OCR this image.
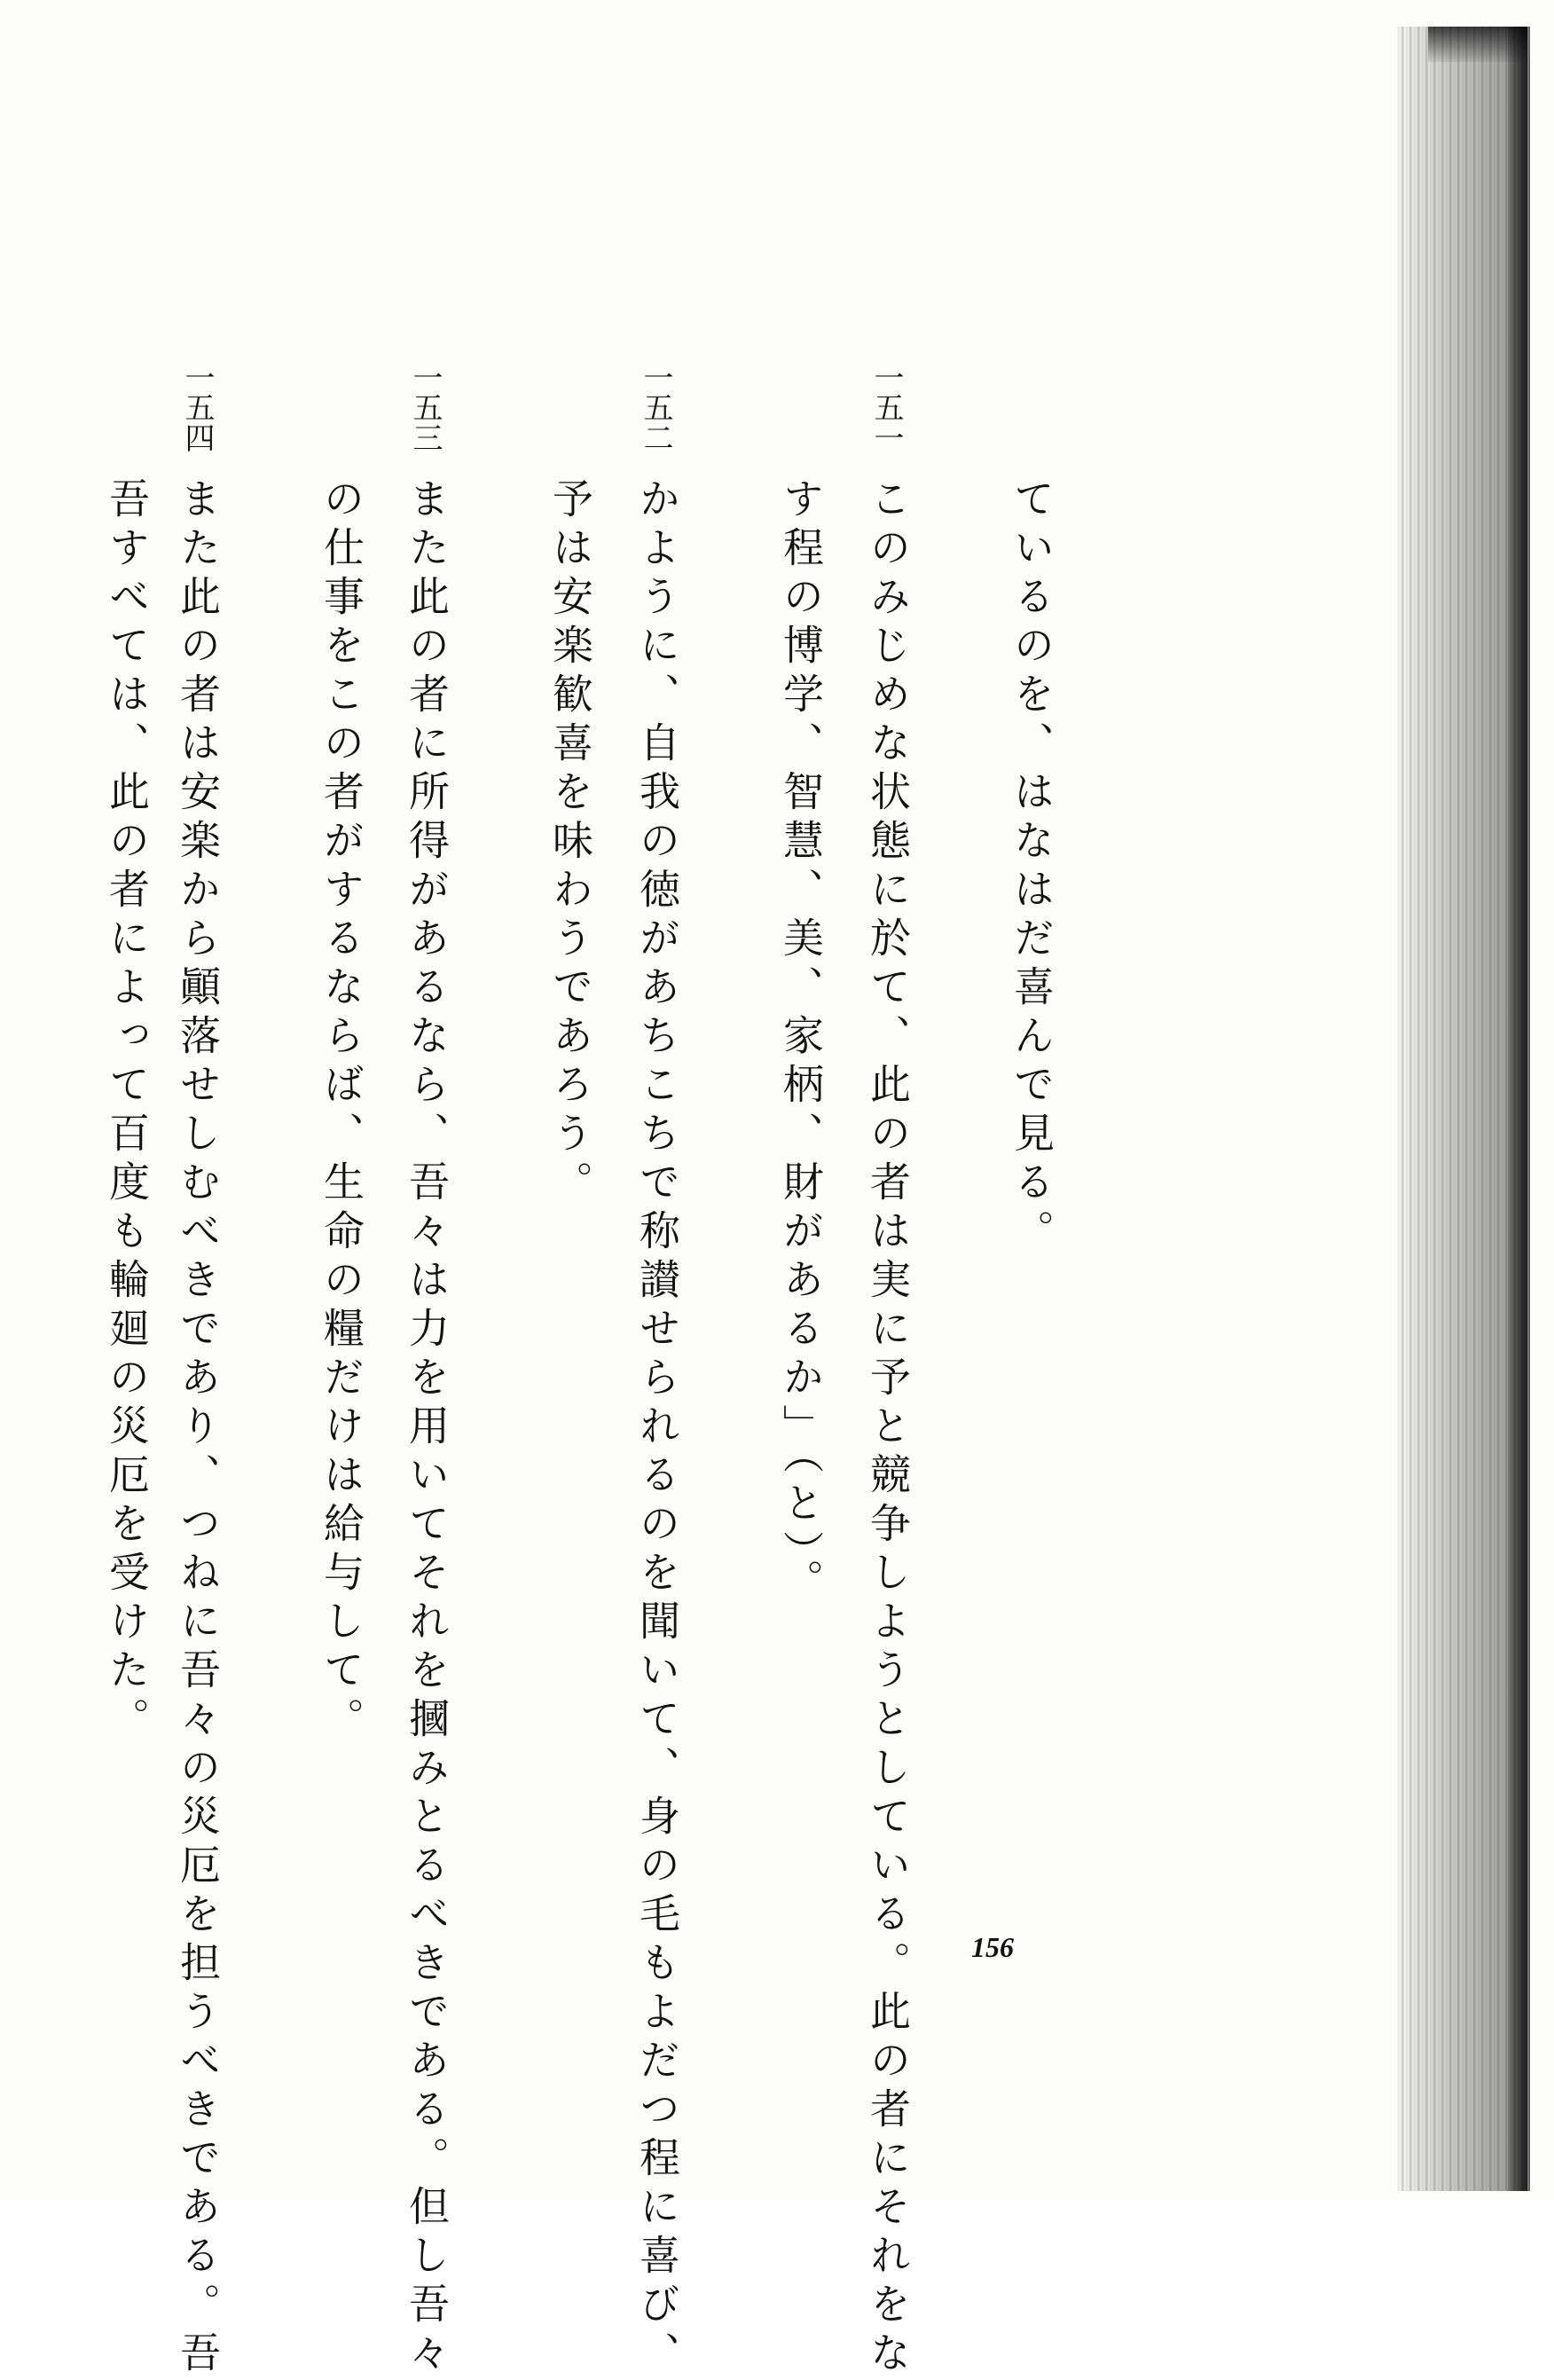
ているのを、はなはだ喜んで見る。
一五一
このみじめな状態に於て、此の者は実に予と競争しようとしている。此の者にそれをな
す程の博学、智慧、美、家柄、財があるか」（と）。
一五二
かように、自我の徳があちこちで称讃せられるのを聞いて、身の毛もよだつ程に喜び、
予は安楽歓喜を味わうであろう。
一五三
また此の者に所得があるなら、吾々は力を用いてそれを摑みとるべきである。但し吾々
の仕事をこの者がするならば、生命の糧だけは給与して。
一五四
また此の者は安楽から顚落せしむべきであり、つねに吾々の災厄を担うべきである。吾
吾すべては、此の者によって百度も輪廻の災厄を受けた。
156
